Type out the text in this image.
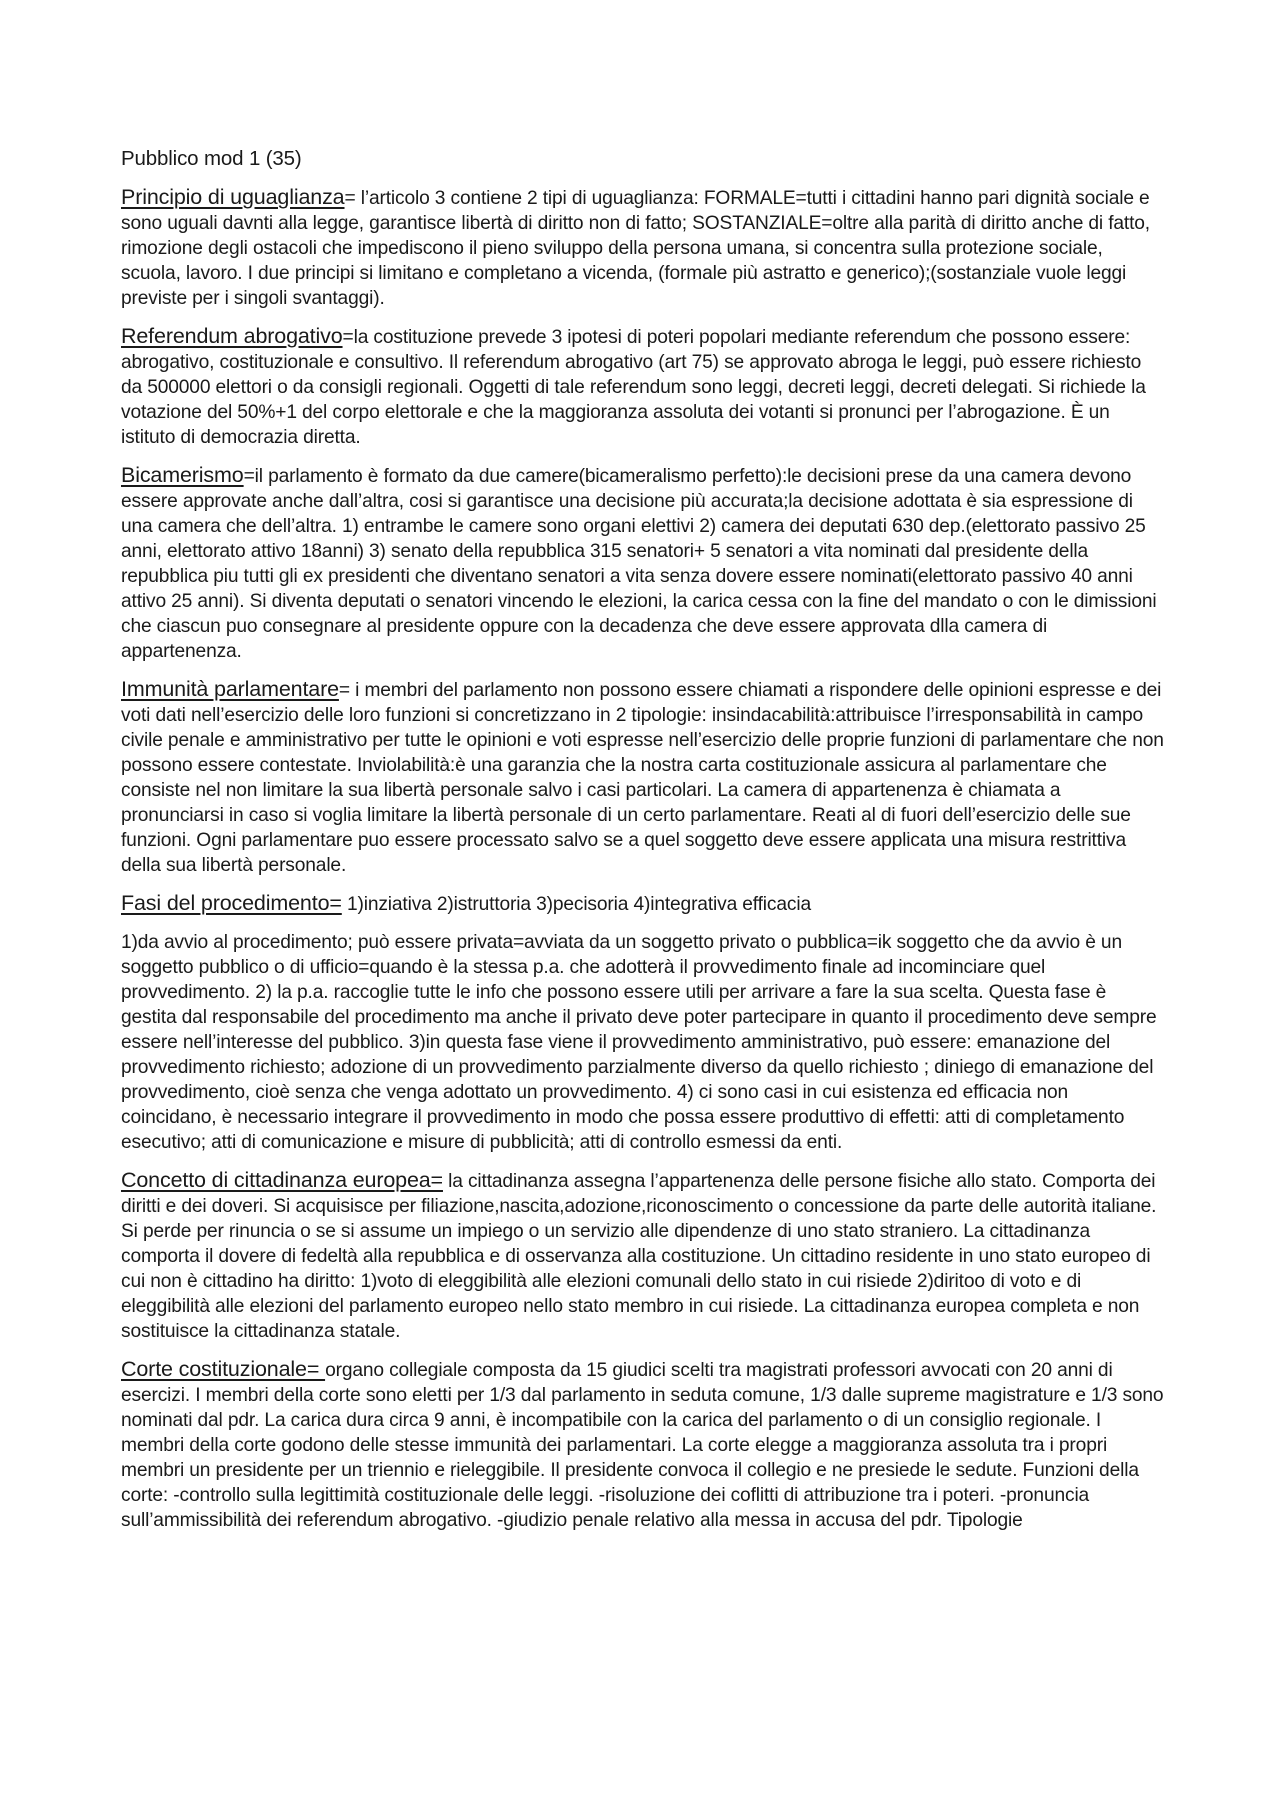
Pubblico mod 1 (35)

Principio di uguaglianza= l’articolo 3 contiene 2 tipi di uguaglianza: FORMALE=tutti i cittadini hanno pari dignità sociale e sono uguali davnti alla legge, garantisce libertà di diritto non di fatto; SOSTANZIALE=oltre alla parità di diritto anche di fatto, rimozione degli ostacoli che impediscono il pieno sviluppo della persona umana, si concentra sulla protezione sociale, scuola, lavoro. I due principi si limitano e completano a vicenda, (formale più astratto e generico);(sostanziale vuole leggi previste per i singoli svantaggi).

Referendum abrogativo=la costituzione prevede 3 ipotesi di poteri popolari mediante referendum che possono essere: abrogativo, costituzionale e consultivo. Il referendum abrogativo (art 75) se approvato abroga le leggi, può essere richiesto da 500000 elettori o da consigli regionali. Oggetti di tale referendum sono leggi, decreti leggi, decreti delegati. Si richiede la votazione del 50%+1 del corpo elettorale e che la maggioranza assoluta dei votanti si pronunci per l’abrogazione. È un istituto di democrazia diretta.

Bicamerismo=il parlamento è formato da due camere(bicameralismo perfetto):le decisioni prese da una camera devono essere approvate anche dall’altra, cosi si garantisce una decisione più accurata;la decisione adottata è sia espressione di una camera che dell’altra. 1) entrambe le camere sono organi elettivi 2) camera dei deputati 630 dep.(elettorato passivo 25 anni, elettorato attivo 18anni) 3) senato della repubblica 315 senatori+ 5 senatori a vita nominati dal presidente della repubblica piu tutti gli ex presidenti che diventano senatori a vita senza dovere essere nominati(elettorato passivo 40 anni attivo 25 anni). Si diventa deputati o senatori vincendo le elezioni, la carica cessa con la fine del mandato o con le dimissioni che ciascun puo consegnare al presidente oppure con la decadenza che deve essere approvata dlla camera di appartenenza.

Immunità parlamentare= i membri del parlamento non possono essere chiamati a rispondere delle opinioni espresse e dei voti dati nell’esercizio delle loro funzioni si concretizzano in 2 tipologie: insindacabilità:attribuisce l’irresponsabilità in campo civile penale e amministrativo per tutte le opinioni e voti espresse nell’esercizio delle proprie funzioni di parlamentare che non possono essere contestate. Inviolabilità:è una garanzia che la nostra carta costituzionale assicura al parlamentare che consiste nel non limitare la sua libertà personale salvo i casi particolari. La camera di appartenenza è chiamata a pronunciarsi in caso si voglia limitare la libertà personale di un certo parlamentare. Reati al di fuori dell’esercizio delle sue funzioni. Ogni parlamentare puo essere processato salvo se a quel soggetto deve essere applicata una misura restrittiva della sua libertà personale.

Fasi del procedimento= 1)inziativa 2)istruttoria 3)pecisoria 4)integrativa efficacia

1)da avvio al procedimento; può essere privata=avviata da un soggetto privato o pubblica=ik soggetto che da avvio è un soggetto pubblico o di ufficio=quando è la stessa p.a. che adotterà il provvedimento finale ad incominciare quel provvedimento. 2) la p.a. raccoglie tutte le info che possono essere utili per arrivare a fare la sua scelta. Questa fase è gestita dal responsabile del procedimento ma anche il privato deve poter partecipare in quanto il procedimento deve sempre essere nell’interesse del pubblico. 3)in questa fase viene il provvedimento amministrativo, può essere: emanazione del provvedimento richiesto; adozione di un provvedimento parzialmente diverso da quello richiesto ; diniego di emanazione del provvedimento, cioè senza che venga adottato un provvedimento. 4) ci sono casi in cui esistenza ed efficacia non coincidano, è necessario integrare il provvedimento in modo che possa essere produttivo di effetti: atti di completamento esecutivo; atti di comunicazione e misure di pubblicità; atti di controllo esmessi da enti.

Concetto di cittadinanza europea= la cittadinanza assegna l’appartenenza delle persone fisiche allo stato. Comporta dei diritti e dei doveri. Si acquisisce per filiazione,nascita,adozione,riconoscimento o concessione da parte delle autorità italiane. Si perde per rinuncia o se si assume un impiego o un servizio alle dipendenze di uno stato straniero. La cittadinanza comporta il dovere di fedeltà alla repubblica e di osservanza alla costituzione. Un cittadino residente in uno stato europeo di cui non è cittadino ha diritto: 1)voto di eleggibilità alle elezioni comunali dello stato in cui risiede 2)diritoo di voto e di eleggibilità alle elezioni del parlamento europeo nello stato membro in cui risiede. La cittadinanza europea completa e non sostituisce la cittadinanza statale.

Corte costituzionale= organo collegiale composta da 15 giudici scelti tra magistrati professori avvocati con 20 anni di esercizi. I membri della corte sono eletti per 1/3 dal parlamento in seduta comune, 1/3 dalle supreme magistrature e 1/3 sono nominati dal pdr. La carica dura circa 9 anni, è incompatibile con la carica del parlamento o di un consiglio regionale. I membri della corte godono delle stesse immunità dei parlamentari. La corte elegge a maggioranza assoluta tra i propri membri un presidente per un triennio e rieleggibile. Il presidente convoca il collegio e ne presiede le sedute. Funzioni della corte: -controllo sulla legittimità costituzionale delle leggi. -risoluzione dei coflitti di attribuzione tra i poteri. -pronuncia sull’ammissibilità dei referendum abrogativo. -giudizio penale relativo alla messa in accusa del pdr. Tipologie
